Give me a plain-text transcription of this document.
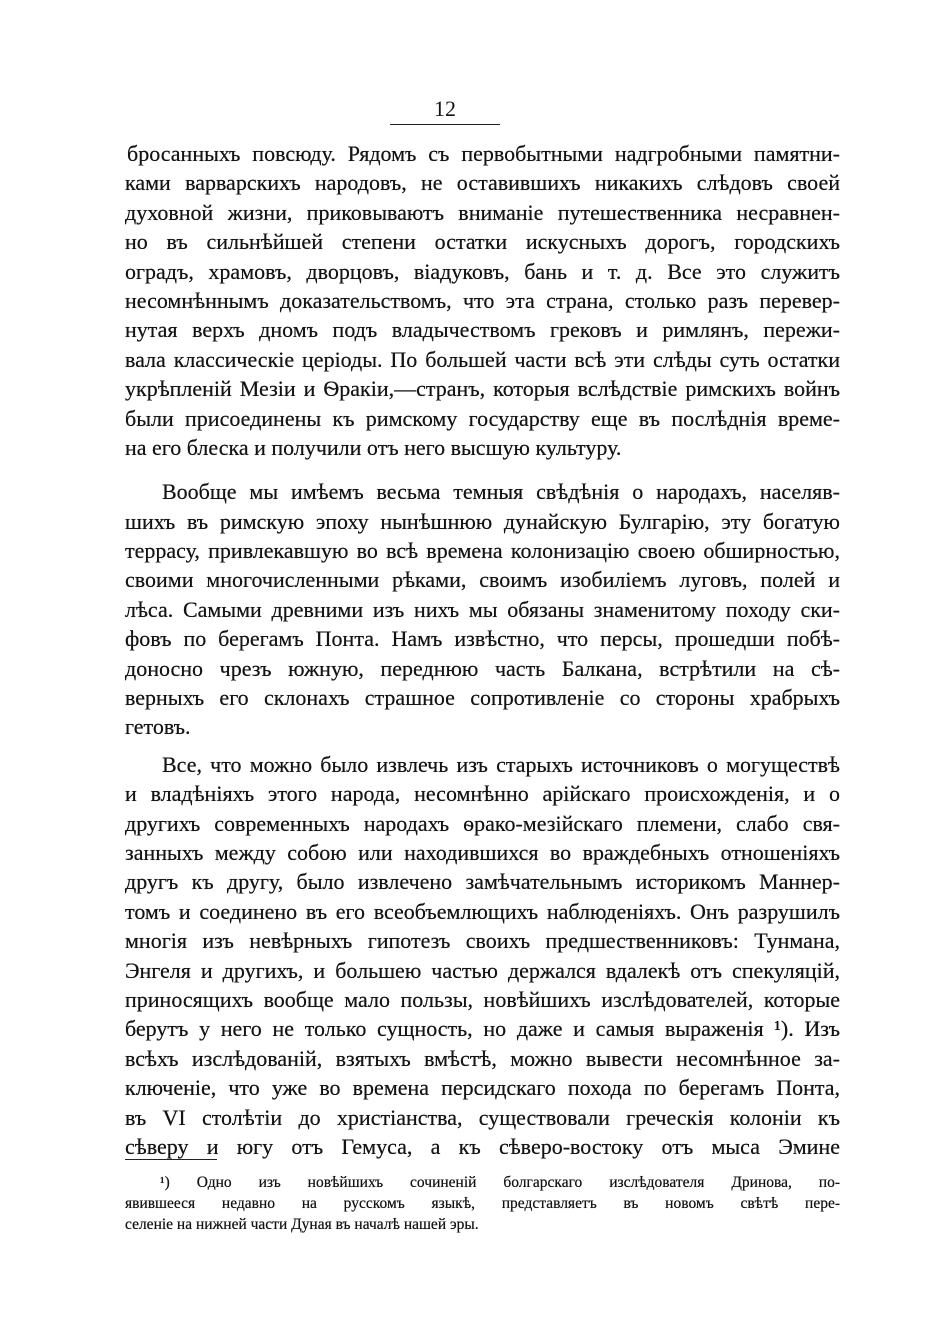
12
бросанныхъ повсюду. Рядомъ съ первобытными надгробными памятни-
ками варварскихъ народовъ, не оставившихъ никакихъ слѣдовъ своей
духовной жизни, приковываютъ вниманіе путешественника несравнен-
но въ сильнѣйшей степени остатки искусныхъ дорогъ, городскихъ
оградъ, храмовъ, дворцовъ, віадуковъ, бань и т. д. Все это служитъ
несомнѣннымъ доказательствомъ, что эта страна, столько разъ перевер-
нутая верхъ дномъ подъ владычествомъ грековъ и римлянъ, пережи-
вала классическіе церіоды. По большей части всѣ эти слѣды суть остатки
укрѣпленій Мезіи и Ѳракіи,—странъ, которыя вслѣдствіе римскихъ войнъ
были присоединены къ римскому государству еще въ послѣднія време-
на его блеска и получили отъ него высшую культуру.
Вообще мы имѣемъ весьма темныя свѣдѣнія о народахъ, населяв-
шихъ въ римскую эпоху нынѣшнюю дунайскую Булгарію, эту богатую
террасу, привлекавшую во всѣ времена колонизацію своею обширностью,
своими многочисленными рѣками, своимъ изобиліемъ луговъ, полей и
лѣса. Самыми древними изъ нихъ мы обязаны знаменитому походу ски-
фовъ по берегамъ Понта. Намъ извѣстно, что персы, прошедши побѣ-
доносно чрезъ южную, переднюю часть Балкана, встрѣтили на сѣ-
верныхъ его склонахъ страшное сопротивленіе со стороны храбрыхъ
гетовъ.
Все, что можно было извлечь изъ старыхъ источниковъ о могуществѣ
и владѣніяхъ этого народа, несомнѣнно арійскаго происхожденія, и о
другихъ современныхъ народахъ ѳрако-мезійскаго племени, слабо свя-
занныхъ между собою или находившихся во враждебныхъ отношеніяхъ
другъ къ другу, было извлечено замѣчательнымъ историкомъ Маннер-
томъ и соединено въ его всеобъемлющихъ наблюденіяхъ. Онъ разрушилъ
многія изъ невѣрныхъ гипотезъ своихъ предшественниковъ: Тунмана,
Энгеля и другихъ, и большею частью держался вдалекѣ отъ спекуляцій,
приносящихъ вообще мало пользы, новѣйшихъ изслѣдователей, которые
берутъ у него не только сущность, но даже и самыя выраженія ¹). Изъ
всѣхъ изслѣдованій, взятыхъ вмѣстѣ, можно вывести несомнѣнное за-
ключеніе, что уже во времена персидскаго похода по берегамъ Понта,
въ VI столѣтіи до христіанства, существовали греческія колоніи къ
сѣверу и югу отъ Гемуса, а къ сѣверо-востоку отъ мыса Эмине
¹) Одно изъ новѣйшихъ сочиненій болгарскаго изслѣдователя Дринова, по-
явившееся недавно на русскомъ языкѣ, представляетъ въ новомъ свѣтѣ пере-
селеніе на нижней части Дуная въ началѣ нашей эры.
